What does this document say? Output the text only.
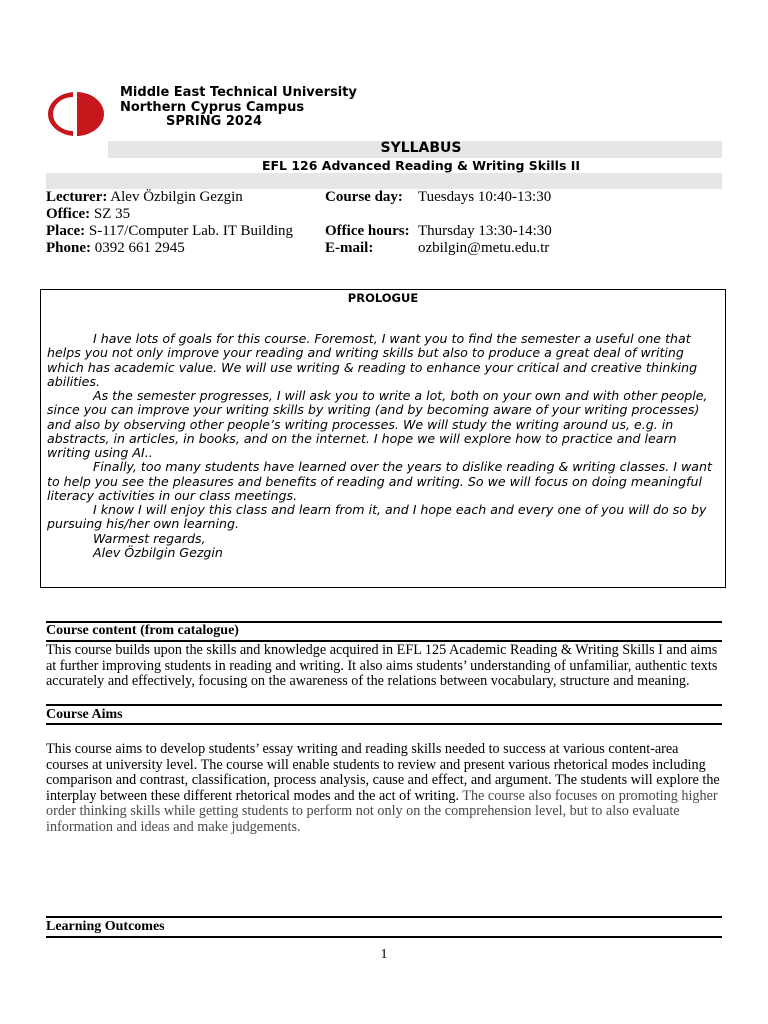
Middle East Technical University
Northern Cyprus Campus
SPRING 2024
SYLLABUS
EFL 126 Advanced Reading & Writing Skills II
Lecturer: Alev Özbilgin Gezgin
Office: SZ 35
Place: S-117/Computer Lab. IT Building
Phone: 0392 661 2945
Course day: Tuesdays 10:40-13:30
Office hours: Thursday 13:30-14:30
E-mail:	ozbilgin@metu.edu.tr
PROLOGUE

I have lots of goals for this course. Foremost, I want you to find the semester a useful one that helps you not only improve your reading and writing skills but also to produce a great deal of writing which has academic value. We will use writing & reading to enhance your critical and creative thinking abilities.

As the semester progresses, I will ask you to write a lot, both on your own and with other people, since you can improve your writing skills by writing (and by becoming aware of your writing processes) and also by observing other people’s writing processes. We will study the writing around us, e.g. in abstracts, in articles, in books, and on the internet. I hope we will explore how to practice and learn writing using AI..

Finally, too many students have learned over the years to dislike reading & writing classes. I want to help you see the pleasures and benefits of reading and writing. So we will focus on doing meaningful literacy activities in our class meetings.

I know I will enjoy this class and learn from it, and I hope each and every one of you will do so by pursuing his/her own learning.

Warmest regards,

Alev Özbilgin Gezgin

Course content (from catalogue)
This course builds upon the skills and knowledge acquired in EFL 125 Academic Reading & Writing Skills I and aims at further improving students in reading and writing. It also aims students’ understanding of unfamiliar, authentic texts accurately and effectively, focusing on the awareness of the relations between vocabulary, structure and meaning.
Course Aims
This course aims to develop students’ essay writing and reading skills needed to success at various content-area courses at university level. The course will enable students to review and present various rhetorical modes including comparison and contrast, classification, process analysis, cause and effect, and argument. The students will explore the interplay between these different rhetorical modes and the act of writing. The course also focuses on promoting higher order thinking skills while getting students to perform not only on the comprehension level, but to also evaluate information and ideas and make judgements.
Learning Outcomes
1
